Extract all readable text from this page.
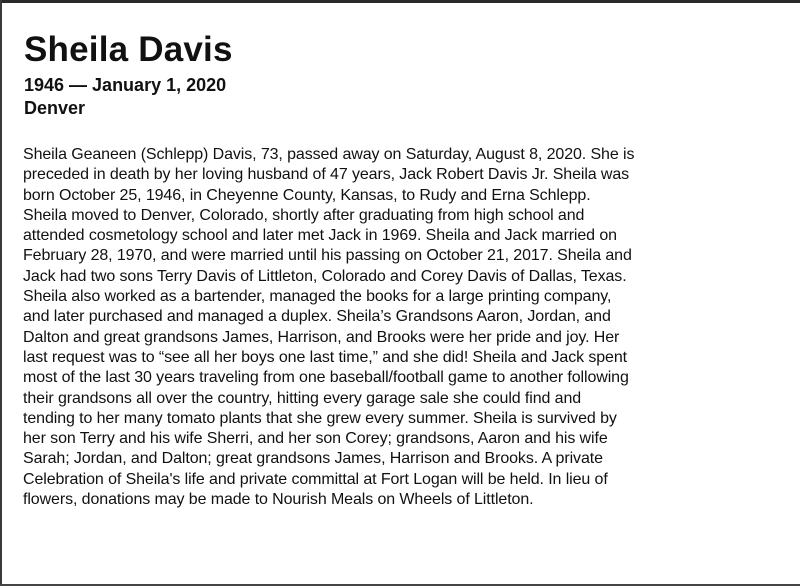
Sheila Davis
1946 — January 1, 2020
Denver
Sheila Geaneen (Schlepp) Davis, 73, passed away on Saturday, August 8, 2020. She is
preceded in death by her loving husband of 47 years, Jack Robert Davis Jr. Sheila was
born October 25, 1946, in Cheyenne County, Kansas, to Rudy and Erna Schlepp.
Sheila moved to Denver, Colorado, shortly after graduating from high school and
attended cosmetology school and later met Jack in 1969. Sheila and Jack married on
February 28, 1970, and were married until his passing on October 21, 2017. Sheila and
Jack had two sons Terry Davis of Littleton, Colorado and Corey Davis of Dallas, Texas.
Sheila also worked as a bartender, managed the books for a large printing company,
and later purchased and managed a duplex. Sheila’s Grandsons Aaron, Jordan, and
Dalton and great grandsons James, Harrison, and Brooks were her pride and joy. Her
last request was to “see all her boys one last time,” and she did! Sheila and Jack spent
most of the last 30 years traveling from one baseball/football game to another following
their grandsons all over the country, hitting every garage sale she could find and
tending to her many tomato plants that she grew every summer. Sheila is survived by
her son Terry and his wife Sherri, and her son Corey; grandsons, Aaron and his wife
Sarah; Jordan, and Dalton; great grandsons James, Harrison and Brooks. A private
Celebration of Sheila's life and private committal at Fort Logan will be held. In lieu of
flowers, donations may be made to Nourish Meals on Wheels of Littleton.
